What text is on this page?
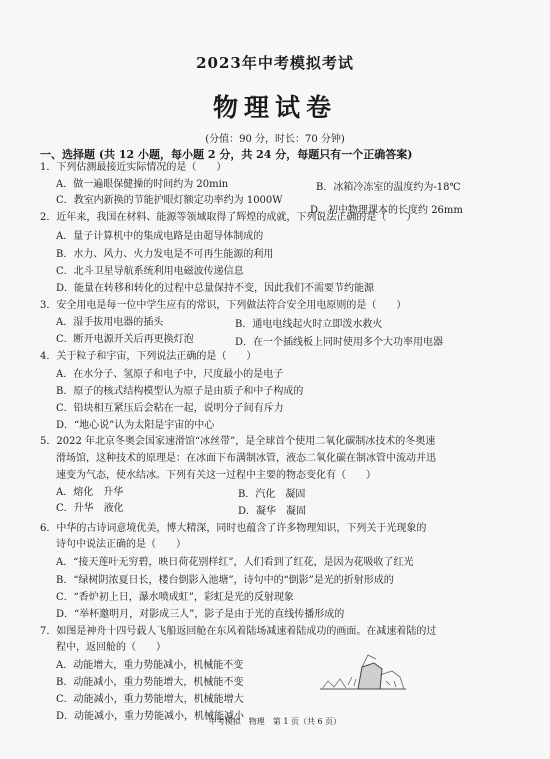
2023年中考模拟考试
物理试卷
(分值：90 分，时长：70 分钟)
一、选择题 (共 12 小题，每小题 2 分，共 24 分，每题只有一个正确答案)
1．下列估测最接近实际情况的是（　　）
A．做一遍眼保健操的时间约为 20min	B．冰箱冷冻室的温度约为-18℃
C．教室内新换的节能护眼灯额定功率约为 1000W
D．初中物理课本的长度约 26mm
2．近年来，我国在材料、能源等领域取得了辉煌的成就，下列说法正确的是（　　）
A．量子计算机中的集成电路是由超导体制成的
B．水力、风力、火力发电是不可再生能源的利用
C．北斗卫星导航系统利用电磁波传递信息
D．能量在转移和转化的过程中总量保持不变，因此我们不需要节约能源
3．安全用电是每一位中学生应有的常识，下列做法符合安全用电原则的是（　　）
A．湿手拔用电器的插头	B．通电电线起火时立即泼水救火
C．断开电源开关后再更换灯泡	D．在一个插线板上同时使用多个大功率用电器
4．关于粒子和宇宙，下列说法正确的是（　　）
A．在水分子、氢原子和电子中，尺度最小的是电子
B．原子的核式结构模型认为原子是由质子和中子构成的
C．铅块相互紧压后会粘在一起，说明分子间有斥力
D．“地心说”认为太阳是宇宙的中心
5．2022 年北京冬奥会国家速滑馆“冰丝带”，是全球首个使用二氧化碳制冰技术的冬奥速
滑场馆，这种技术的原理是：在冰面下布满制冰管，液态二氧化碳在制冰管中流动并迅
速变为气态，使水结冰。下列有关这一过程中主要的物态变化有（　　）
A．熔化　升华	B．汽化　凝固
C．升华　液化	D．凝华　凝固
6．中华的古诗词意境优美，博大精深，同时也蕴含了许多物理知识，下列关于光现象的
诗句中说法正确的是（　　）
A．“接天莲叶无穷碧，映日荷花别样红”，人们看到了红花，是因为花吸收了红光
B．“绿树阴浓夏日长，楼台倒影入池塘”，诗句中的“倒影”是光的折射形成的
C．“香炉初上日，瀑水喷成虹”，彩虹是光的反射现象
D．“举杯邀明月，对影成三人”，影子是由于光的直线传播形成的
7．如图是神舟十四号载人飞船返回舱在东风着陆场减速着陆成功的画面。在减速着陆的过
程中，返回舱的（　　）
A．动能增大，重力势能减小，机械能不变
B．动能减小，重力势能增大，机械能不变
C．动能减小，重力势能增大，机械能增大
D．动能减小，重力势能减小，机械能减小
中考模拟　物理　第 1 页（共 6 页）
